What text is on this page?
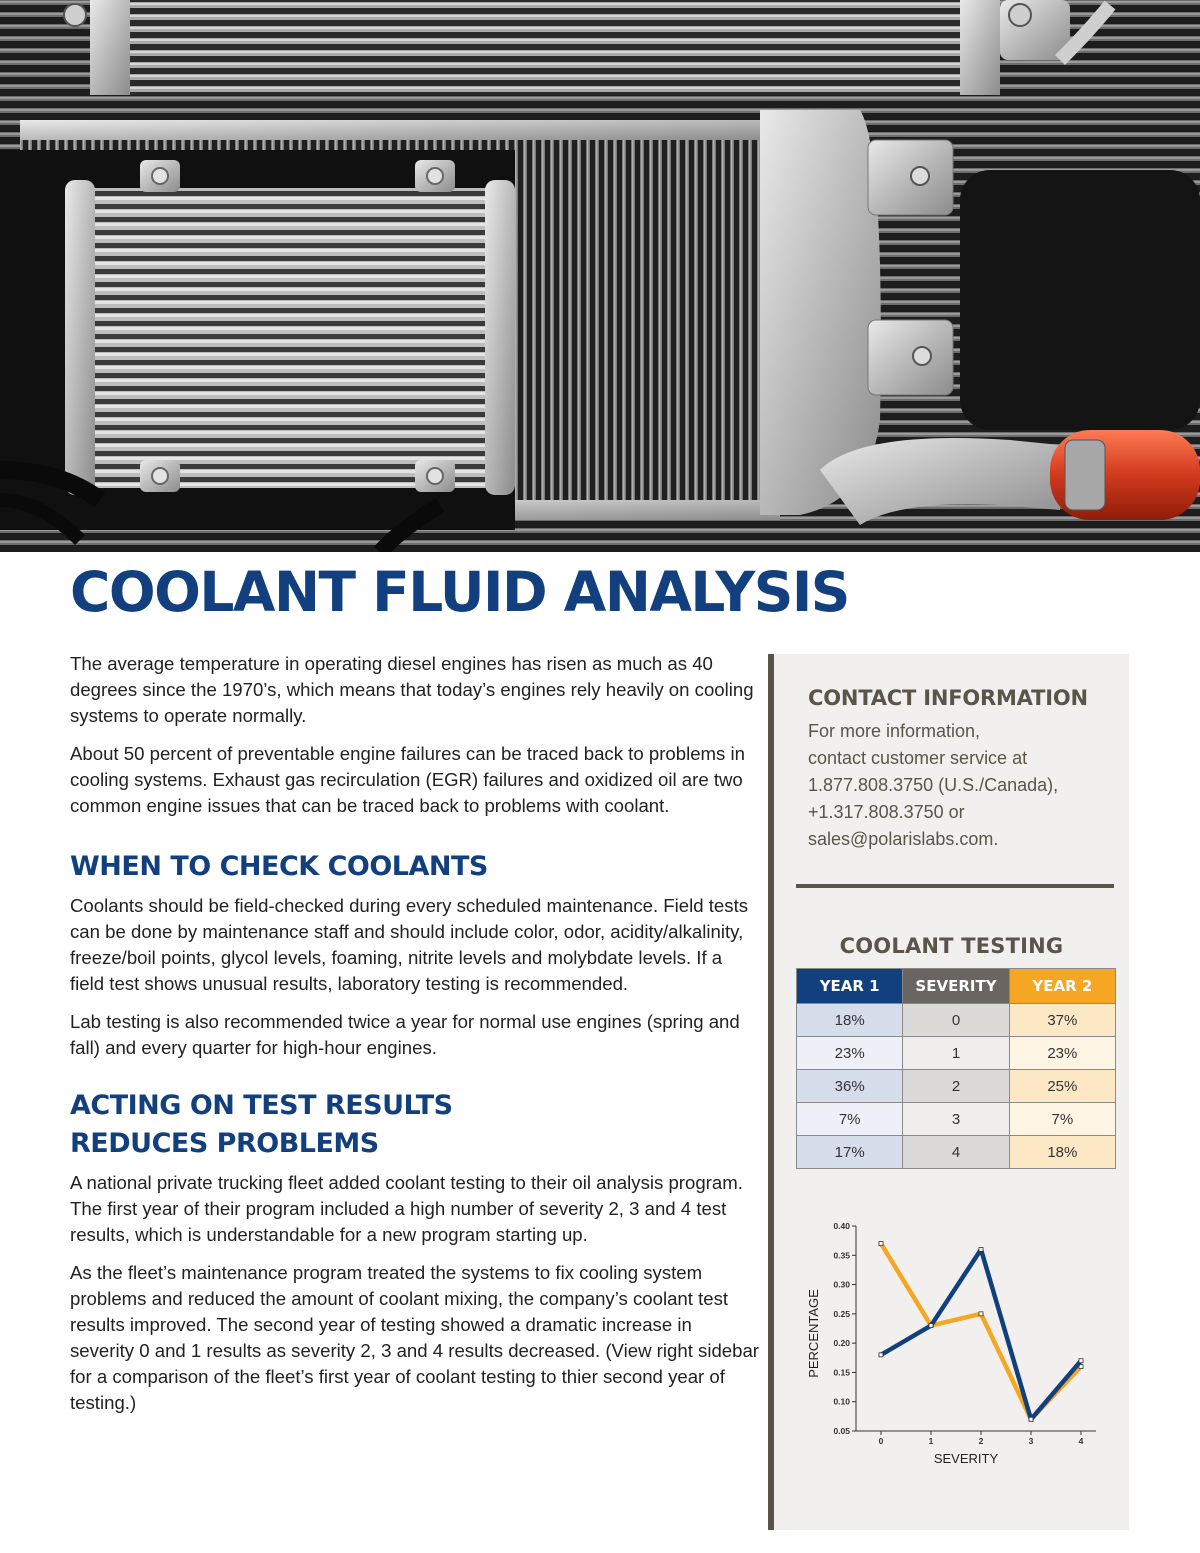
COOLANT FLUID ANALYSIS

The average temperature in operating diesel engines has risen as much as 40 degrees since the 1970’s, which means that today’s engines rely heavily on cooling systems to operate normally.

About 50 percent of preventable engine failures can be traced back to problems in cooling systems. Exhaust gas recirculation (EGR) failures and oxidized oil are two common engine issues that can be traced back to problems with coolant.

WHEN TO CHECK COOLANTS

Coolants should be field-checked during every scheduled maintenance. Field tests can be done by maintenance staff and should include color, odor, acidity/alkalinity, freeze/boil points, glycol levels, foaming, nitrite levels and molybdate levels. If a field test shows unusual results, laboratory testing is recommended.

Lab testing is also recommended twice a year for normal use engines (spring and fall) and every quarter for high-hour engines.

ACTING ON TEST RESULTS
REDUCES PROBLEMS

A national private trucking fleet added coolant testing to their oil analysis program. The first year of their program included a high number of severity 2, 3 and 4 test results, which is understandable for a new program starting up.

As the fleet’s maintenance program treated the systems to fix cooling system problems and reduced the amount of coolant mixing, the company’s coolant test results improved. The second year of testing showed a dramatic increase in severity 0 and 1 results as severity 2, 3 and 4 results decreased. (View right sidebar for a comparison of the fleet’s first year of coolant testing to thier second year of testing.)

CONTACT INFORMATION
For more information,
contact customer service at
1.877.808.3750 (U.S./Canada),
+1.317.808.3750 or
sales@polarislabs.com.
COOLANT TESTING
YEAR 1	SEVERITY	YEAR 2
18%	0	37%
23%	1	23%
36%	2	25%
7%	3	7%
17%	4	18%
0.05
0.10
0.15
0.20
0.25
0.30
0.35
0.40
0	1	2	3	4
SEVERITY
PERCENTAGE
